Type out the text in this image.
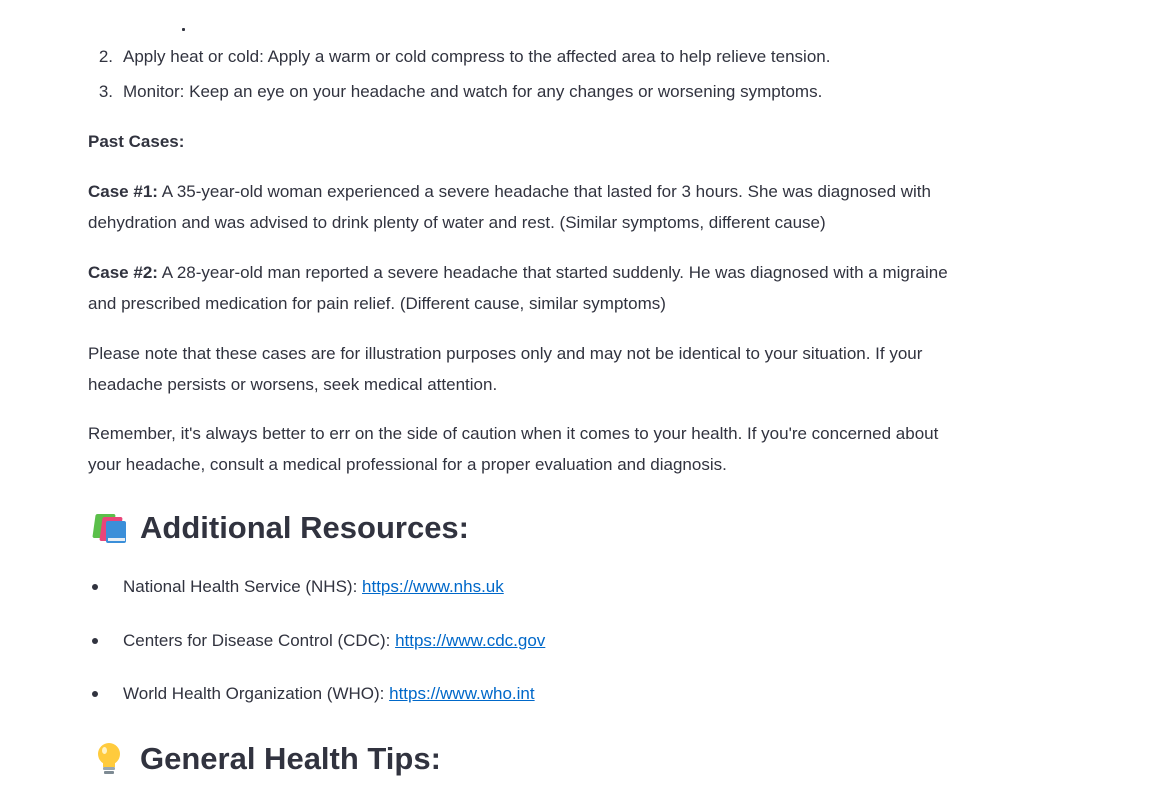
2. Apply heat or cold: Apply a warm or cold compress to the affected area to help relieve tension.
3. Monitor: Keep an eye on your headache and watch for any changes or worsening symptoms.
Past Cases:

Case #1: A 35-year-old woman experienced a severe headache that lasted for 3 hours. She was diagnosed with dehydration and was advised to drink plenty of water and rest. (Similar symptoms, different cause)

Case #2: A 28-year-old man reported a severe headache that started suddenly. He was diagnosed with a migraine and prescribed medication for pain relief. (Different cause, similar symptoms)

Please note that these cases are for illustration purposes only and may not be identical to your situation. If your headache persists or worsens, seek medical attention.

Remember, it's always better to err on the side of caution when it comes to your health. If you're concerned about your headache, consult a medical professional for a proper evaluation and diagnosis.

Additional Resources:
National Health Service (NHS): https://www.nhs.uk
Centers for Disease Control (CDC): https://www.cdc.gov
World Health Organization (WHO): https://www.who.int
General Health Tips:
